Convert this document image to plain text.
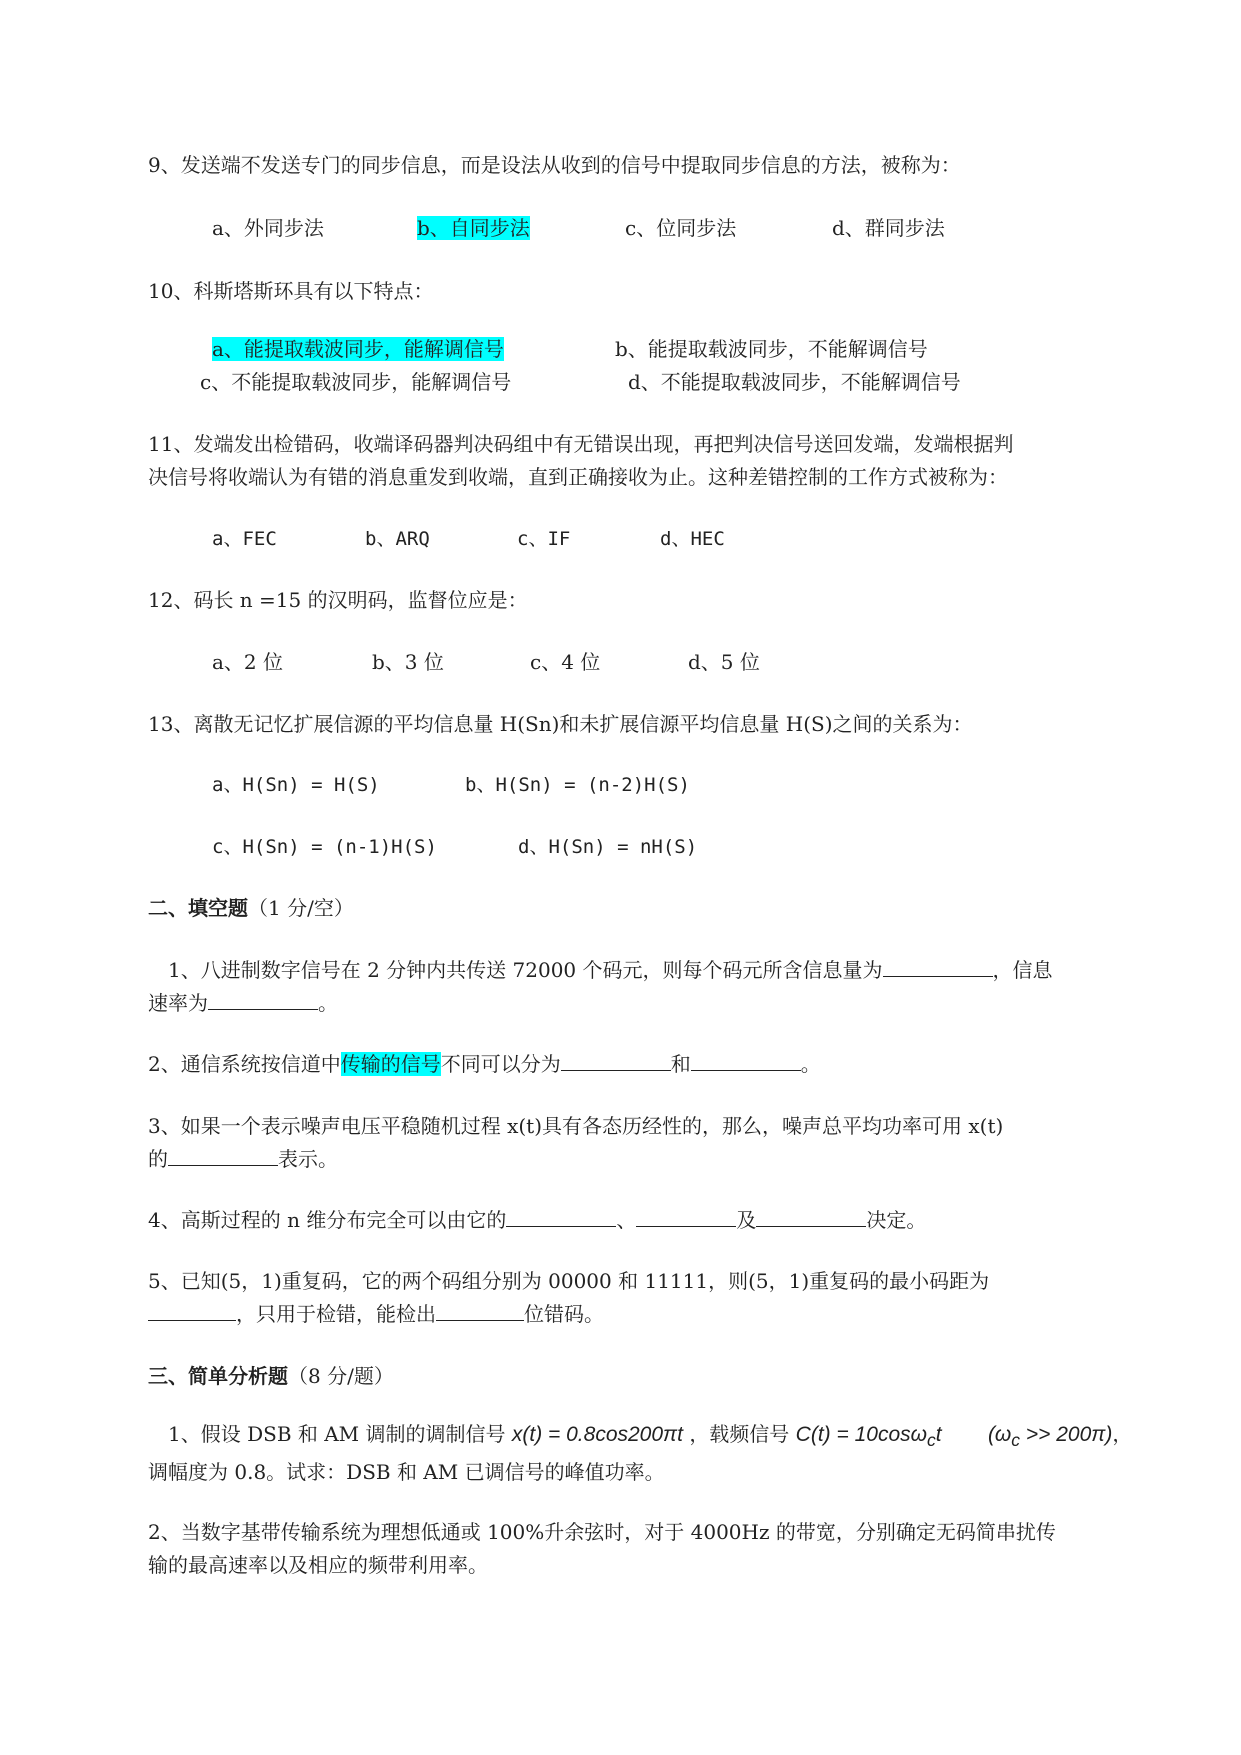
9、发送端不发送专门的同步信息，而是设法从收到的信号中提取同步信息的方法，被称为：
a、外同步法	b、自同步法	c、位同步法	d、群同步法
10、科斯塔斯环具有以下特点：
a、能提取载波同步，能解调信号	b、能提取载波同步，不能解调信号
c、不能提取载波同步，能解调信号	d、不能提取载波同步，不能解调信号
11、发端发出检错码，收端译码器判决码组中有无错误出现，再把判决信号送回发端，发端根据判
决信号将收端认为有错的消息重发到收端，直到正确接收为止。这种差错控制的工作方式被称为：
a、FEC	b、ARQ	c、IF	d、HEC
12、码长 n =15 的汉明码，监督位应是：
a、2 位	b、3 位	c、4 位	d、5 位
13、离散无记忆扩展信源的平均信息量 H(Sn)和未扩展信源平均信息量 H(S)之间的关系为：
a、H(Sn) = H(S)	b、H(Sn) = (n-2)H(S)
c、H(Sn) = (n-1)H(S)	d、H(Sn) = nH(S)
二、填空题（1 分/空）
1、八进制数字信号在 2 分钟内共传送 72000 个码元，则每个码元所含信息量为	，信息
速率为	。
2、通信系统按信道中传输的信号不同可以分为	和	。
3、如果一个表示噪声电压平稳随机过程 x(t)具有各态历经性的，那么，噪声总平均功率可用 x(t)
的	表示。
4、高斯过程的 n 维分布完全可以由它的	、	及	决定。
5、已知(5，1)重复码，它的两个码组分别为 00000 和 11111，则(5，1)重复码的最小码距为
，只用于检错，能检出	位错码。
三、简单分析题（8 分/题）
1、假设 DSB 和 AM 调制的调制信号 x(t) = 0.8cos200πt ，载频信号 C(t) = 10cosω$_c$t $(\omega_c >> 200\pi)$，
调幅度为 0.8。试求：DSB 和 AM 已调信号的峰值功率。
2、当数字基带传输系统为理想低通或 100%升余弦时，对于 4000Hz 的带宽，分别确定无码简串扰传
输的最高速率以及相应的频带利用率。
